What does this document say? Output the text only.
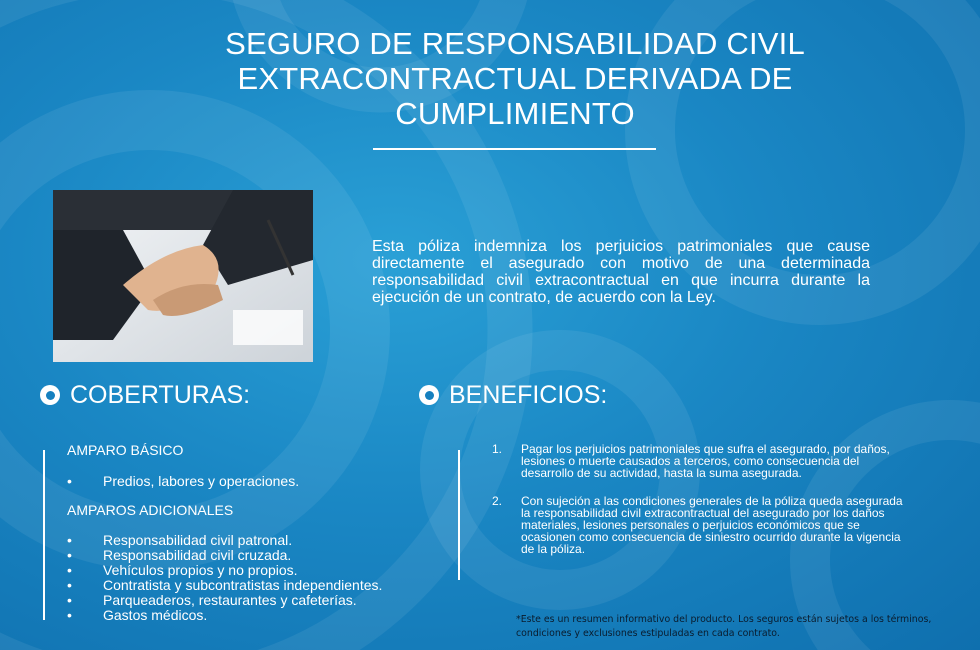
SEGURO DE RESPONSABILIDAD CIVIL
EXTRACONTRACTUAL DERIVADA DE
CUMPLIMIENTO

Esta póliza indemniza los perjuicios patrimoniales que cause directamente el asegurado con motivo de una determinada responsabilidad civil extracontractual en que incurra durante la ejecución de un contrato, de acuerdo con la Ley.

COBERTURAS:	BENEFICIOS:

AMPARO BÁSICO

• Predios, labores y operaciones.

AMPAROS ADICIONALES

• Responsabilidad civil patronal.
• Responsabilidad civil cruzada.
• Vehículos propios y no propios.
• Contratista y subcontratistas independientes.
• Parqueaderos, restaurantes y cafeterías.
• Gastos médicos.
1. Pagar los perjuicios patrimoniales que sufra el asegurado, por daños, lesiones o muerte causados a terceros, como consecuencia del desarrollo de su actividad, hasta la suma asegurada.
2. Con sujeción a las condiciones generales de la póliza queda asegurada la responsabilidad civil extracontractual del asegurado por los daños materiales, lesiones personales o perjuicios económicos que se ocasionen como consecuencia de siniestro ocurrido durante la vigencia de la póliza.

*Este es un resumen informativo del producto. Los seguros están sujetos a los términos, condiciones y exclusiones estipuladas en cada contrato.
